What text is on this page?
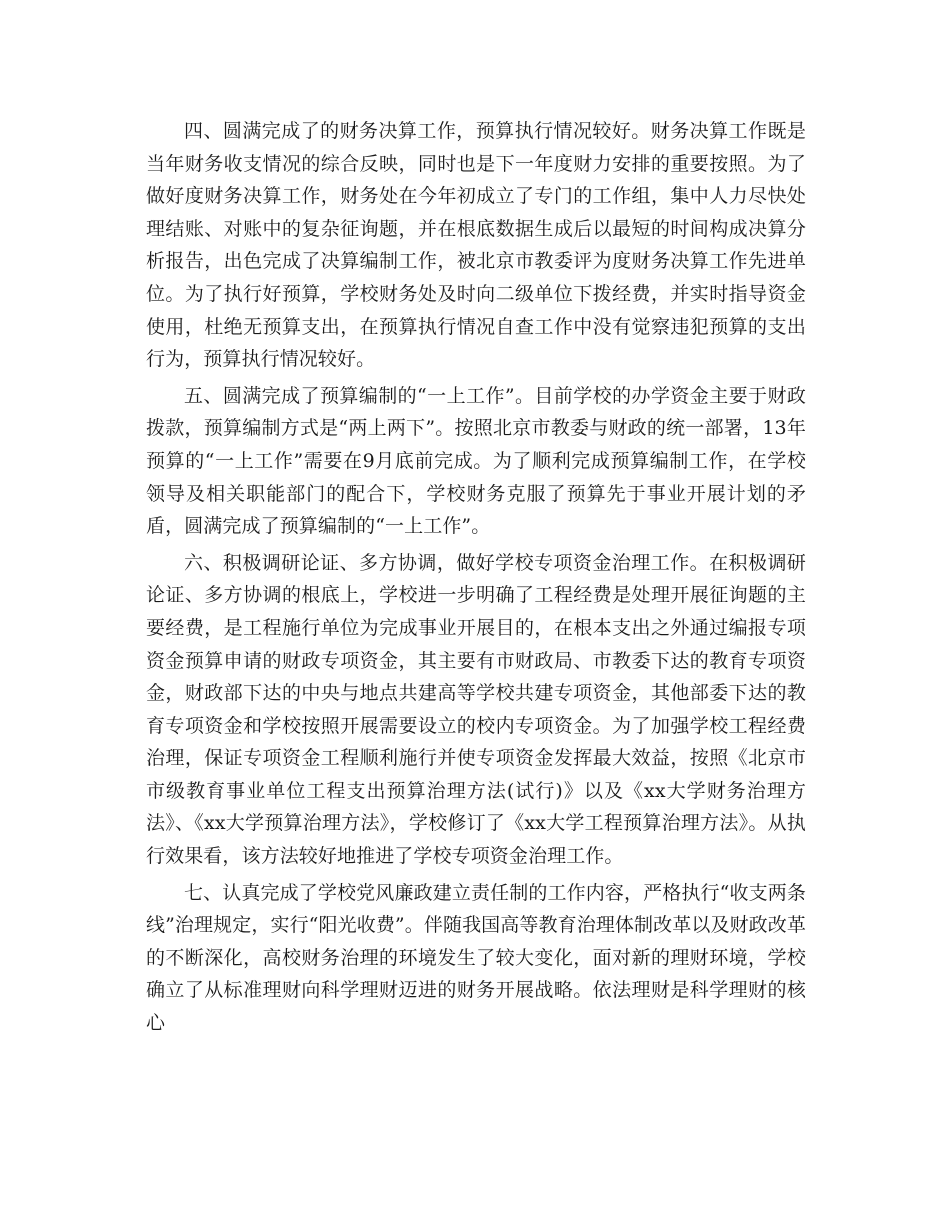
四、圆满完成了的财务决算工作，预算执行情况较好。财务决算工作既是当年财务收支情况的综合反映，同时也是下一年度财力安排的重要按照。为了做好度财务决算工作，财务处在今年初成立了专门的工作组，集中人力尽快处理结账、对账中的复杂征询题，并在根底数据生成后以最短的时间构成决算分析报告，出色完成了决算编制工作，被北京市教委评为度财务决算工作先进单位。为了执行好预算，学校财务处及时向二级单位下拨经费，并实时指导资金使用，杜绝无预算支出，在预算执行情况自查工作中没有觉察违犯预算的支出行为，预算执行情况较好。

五、圆满完成了预算编制的“一上工作”。目前学校的办学资金主要于财政拨款，预算编制方式是“两上两下”。按照北京市教委与财政的统一部署，13年预算的“一上工作”需要在9月底前完成。为了顺利完成预算编制工作，在学校领导及相关职能部门的配合下，学校财务克服了预算先于事业开展计划的矛盾，圆满完成了预算编制的“一上工作”。

六、积极调研论证、多方协调，做好学校专项资金治理工作。在积极调研论证、多方协调的根底上，学校进一步明确了工程经费是处理开展征询题的主要经费，是工程施行单位为完成事业开展目的，在根本支出之外通过编报专项资金预算申请的财政专项资金，其主要有市财政局、市教委下达的教育专项资金，财政部下达的中央与地点共建高等学校共建专项资金，其他部委下达的教育专项资金和学校按照开展需要设立的校内专项资金。为了加强学校工程经费治理，保证专项资金工程顺利施行并使专项资金发挥最大效益，按照《北京市市级教育事业单位工程支出预算治理方法(试行)》以及《xx大学财务治理方法》、《xx大学预算治理方法》，学校修订了《xx大学工程预算治理方法》。从执行效果看，该方法较好地推进了学校专项资金治理工作。

七、认真完成了学校党风廉政建立责任制的工作内容，严格执行“收支两条线”治理规定，实行“阳光收费”。伴随我国高等教育治理体制改革以及财政改革的不断深化，高校财务治理的环境发生了较大变化，面对新的理财环境，学校确立了从标准理财向科学理财迈进的财务开展战略。依法理财是科学理财的核心
